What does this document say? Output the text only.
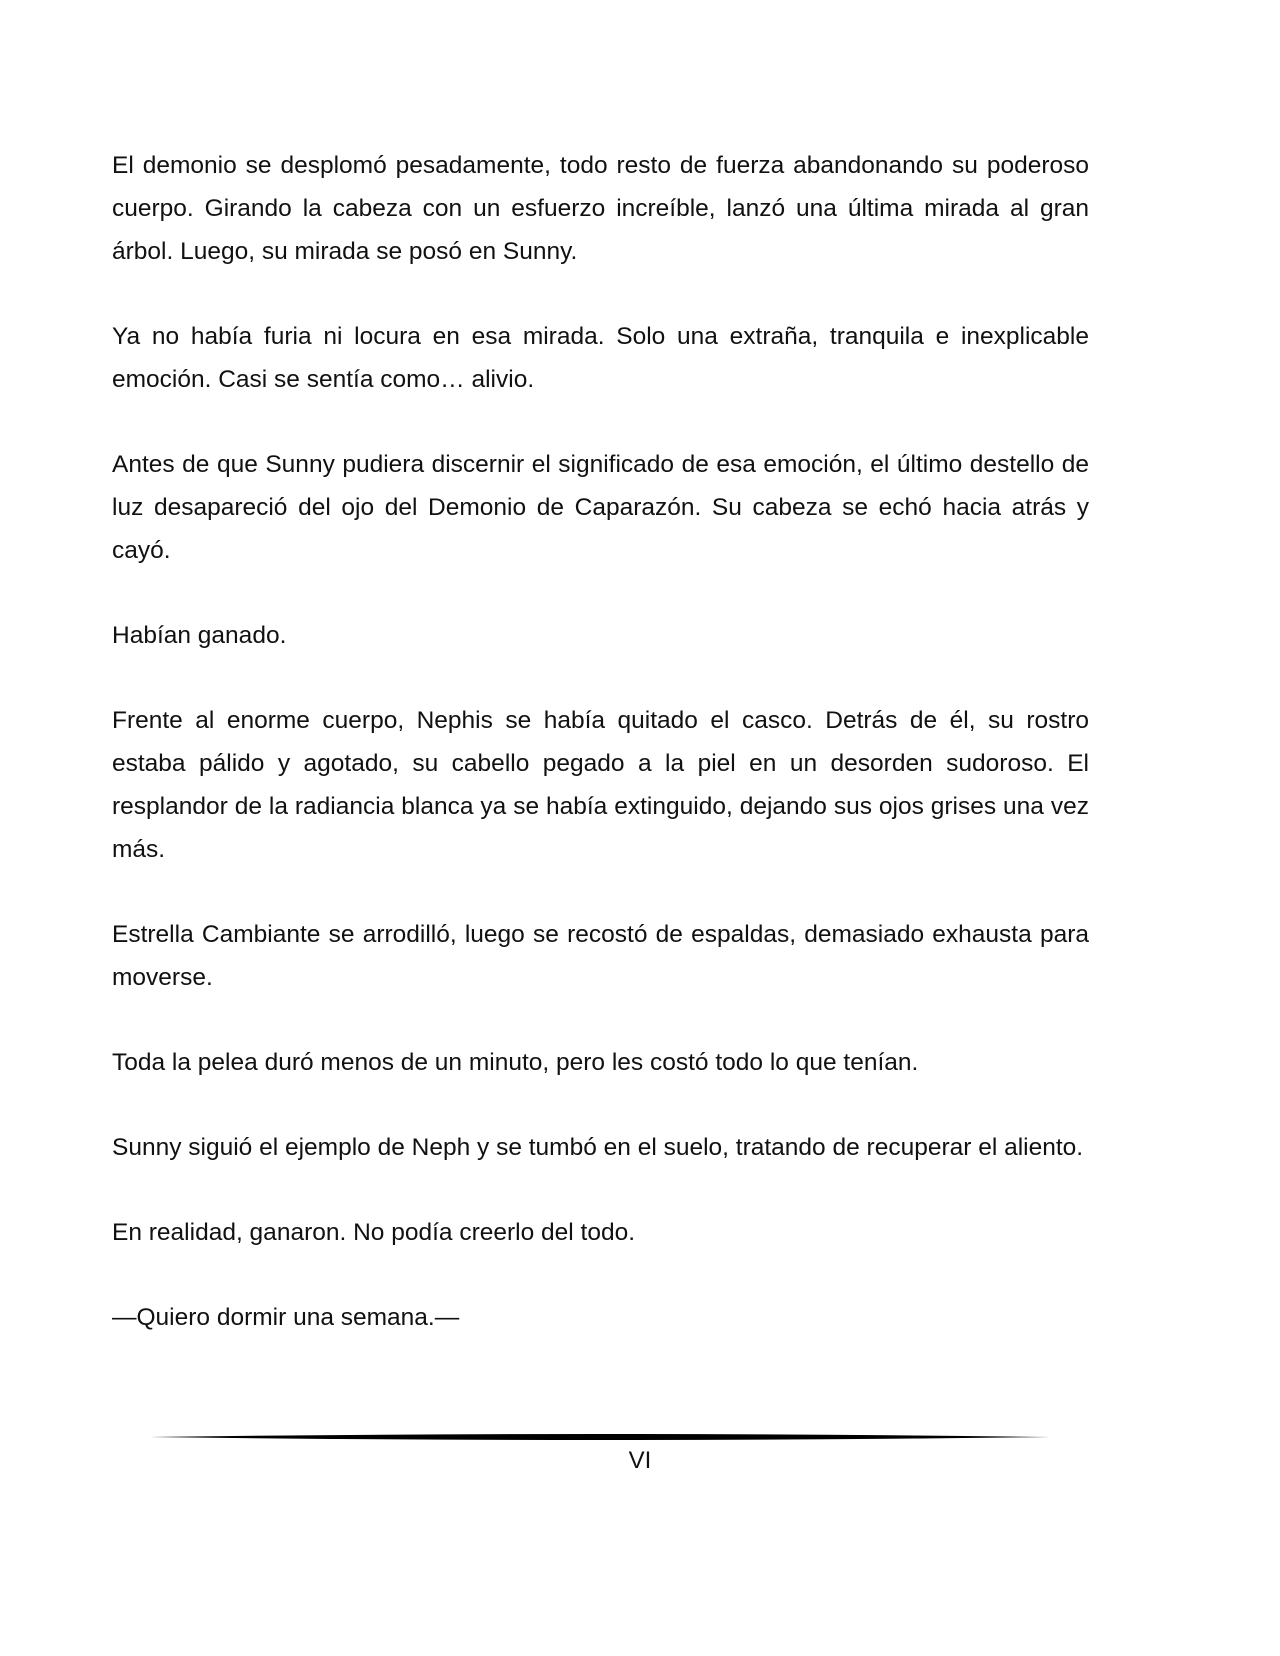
El demonio se desplomó pesadamente, todo resto de fuerza abandonando su poderoso cuerpo. Girando la cabeza con un esfuerzo increíble, lanzó una última mirada al gran árbol. Luego, su mirada se posó en Sunny.

Ya no había furia ni locura en esa mirada. Solo una extraña, tranquila e inexplicable emoción. Casi se sentía como… alivio.

Antes de que Sunny pudiera discernir el significado de esa emoción, el último destello de luz desapareció del ojo del Demonio de Caparazón. Su cabeza se echó hacia atrás y cayó.

Habían ganado.

Frente al enorme cuerpo, Nephis se había quitado el casco. Detrás de él, su rostro estaba pálido y agotado, su cabello pegado a la piel en un desorden sudoroso. El resplandor de la radiancia blanca ya se había extinguido, dejando sus ojos grises una vez más.

Estrella Cambiante se arrodilló, luego se recostó de espaldas, demasiado exhausta para moverse.

Toda la pelea duró menos de un minuto, pero les costó todo lo que tenían.

Sunny siguió el ejemplo de Neph y se tumbó en el suelo, tratando de recuperar el aliento.

En realidad, ganaron. No podía creerlo del todo.

—Quiero dormir una semana.—

VI
